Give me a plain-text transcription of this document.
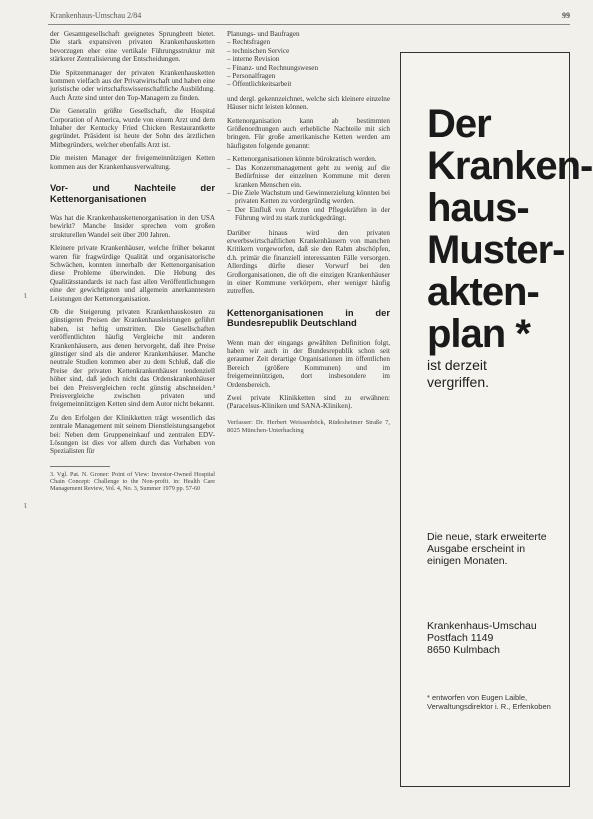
Krankenhaus-Umschau 2/84	99

der Gesamtgesellschaft geeignetes Sprungbrett bietet. Die stark expansiven privaten Krankenhausketten bevorzugen eher eine vertikale Führungsstruktur mit stärkerer Zentralisierung der Entscheidungen.

Die Spitzenmanager der privaten Krankenhausketten kommen vielfach aus der Privatwirtschaft und haben eine juristische oder wirtschaftswissenschaftliche Ausbildung. Auch Ärzte sind unter den Top-Managern zu finden.

Die Generalin größte Gesellschaft, die Hospital Corporation of America, wurde von einem Arzt und dem Inhaber der Kentucky Fried Chicken Restaurantkette gegründet. Präsident ist heute der Sohn des ärztlichen Mitbegründers, welcher ebenfalls Arzt ist.

Die meisten Manager der freigemeinnützigen Ketten kommen aus der Krankenhausverwaltung.

Vor- und Nachteile der Kettenorganisationen

Was hat die Krankenhauskettenorganisation in den USA bewirkt? Manche Insider sprechen vom großen strukturellen Wandel seit über 200 Jahren.

Kleinere private Krankenhäuser, welche früher bekannt waren für fragwürdige Qualität und organisatorische Schwächen, konnten innerhalb der Kettenorganisation diese Probleme überwinden. Die Hebung des Qualitätsstandards ist nach fast allen Veröffentlichungen eine der gewichtigsten und allgemein anerkanntesten Leistungen der Kettenorganisation.

Ob die Steigerung privaten Krankenhauskosten zu günstigeren Preisen der Krankenhausleistungen geführt haben, ist heftig umstritten. Die Gesellschaften veröffentlichten häufig Vergleiche mit anderen Krankenhäusern, aus denen hervorgeht, daß ihre Preise günstiger sind als die anderer Krankenhäuser. Manche neutrale Studien kommen aber zu dem Schluß, daß die Preise der privaten Kettenkrankenhäuser tendenziell höher sind, daß jedoch nicht das Ordenskrankenhäuser bei den Preisvergleichen recht günstig abschneiden.³ Preisvergleiche zwischen privaten und freigemeinnützigen Ketten sind dem Autor nicht bekannt.

Zu den Erfolgen der Klinikketten trägt wesentlich das zentrale Management mit seinem Dienstleistungsangebot bei: Neben dem Gruppeneinkauf und zentralen EDV-Lösungen ist dies vor allem durch das Vorhaben von Spezialisten für

3. Vgl. Pat. N. Groner: Point of View: Investor-Owned Hospital Chain Concept: Challenge to the Non-profit. in: Health Care Management Review, Vol. 4, No. 3, Summer 1979 pp. 57-60
Planungs- und Baufragen
– Rechtsfragen
– technischen Service
– interne Revision
– Finanz- und Rechnungswesen
– Personalfragen
– Öffentlichkeitsarbeit

und dergl. gekennzeichnet, welche sich kleinere einzelne Häuser nicht leisten können.

Kettenorganisation kann ab bestimmten Größenordnungen auch erhebliche Nachteile mit sich bringen. Für große amerikanische Ketten werden am häufigsten folgende genannt:

– Kettenorganisationen könnte bürokratisch werden.
– Das Konzernmanagement geht zu wenig auf die Bedürfnisse der einzelnen Kommune mit deren kranken Menschen ein.
– Die Ziele Wachstum und Gewinnerzielung könnten bei privaten Ketten zu vordergründig werden.
– Der Einfluß von Ärzten und Pflegekräften in der Führung wird zu stark zurückgedrängt.

Darüber hinaus wird den privaten erwerbswirtschaftlichen Krankenhäusern von manchen Kritikern vorgeworfen, daß sie den Rahm abschöpfen, d.h. primär die finanziell interessanten Fälle versorgen. Allerdings dürfte dieser Vorwurf bei den Großorganisationen, die oft die einzigen Krankenhäuser in einer Kommune verkörpern, eher weniger häufig zutreffen.

Kettenorganisationen in der Bundesrepublik Deutschland

Wenn man der eingangs gewählten Definition folgt, haben wir auch in der Bundesrepublik schon seit geraumer Zeit derartige Organisationen im öffentlichen Bereich (größere Kommunen) und im freigemeinnützigen, dort insbesondere im Ordensbereich.

Zwei private Klinikketten sind zu erwähnen: (Paracelsus-Kliniken und SANA-Kliniken).

Verfasser: Dr. Herbert Weissenböck, Rüdesheimer Straße 7, 8025 München-Unterhaching
Der
Kranken-
haus-
Muster-
akten-
plan *
ist derzeit
vergriffen.
Die neue, stark erweiterte Ausgabe erscheint in einigen Monaten.
Krankenhaus-Umschau
Postfach 1149
8650 Kulmbach
* entworfen von Eugen Laible, Verwaltungsdirektor i. R., Erfenkoben
ɩ
ɩ
